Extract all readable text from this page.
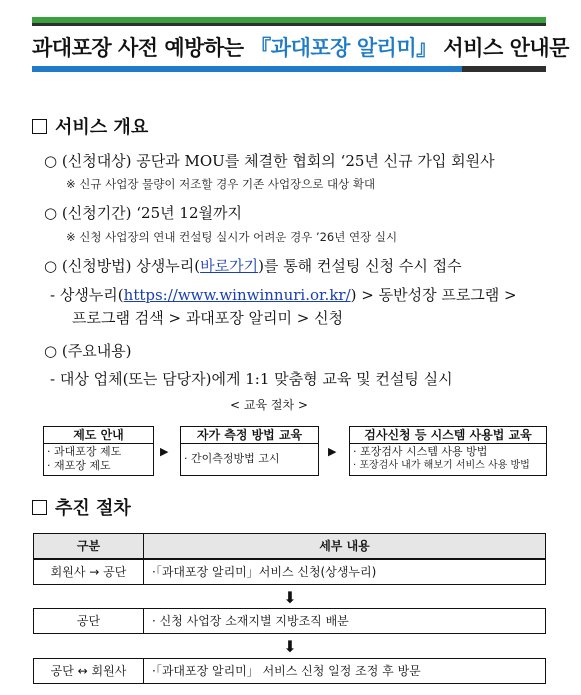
과대포장 사전 예방하는 『과대포장 알리미』 서비스 안내문
서비스 개요
○ (신청대상) 공단과 MOU를 체결한 협회의 ‘25년 신규 가입 회원사
※ 신규 사업장 물량이 저조할 경우 기존 사업장으로 대상 확대
○ (신청기간) ‘25년 12월까지
※ 신청 사업장의 연내 컨설팅 실시가 어려운 경우 ’26년 연장 실시
○ (신청방법) 상생누리(바로가기)를 통해 컨설팅 신청 수시 접수
- 상생누리(https://www.winwinnuri.or.kr/) > 동반성장 프로그램 >
프로그램 검색 > 과대포장 알리미 > 신청
○ (주요내용)
- 대상 업체(또는 담당자)에게 1:1 맞춤형 교육 및 컨설팅 실시
< 교육 절차 >
제도 안내
· 과대포장 제도
· 재포장 제도
▶
자가 측정 방법 교육
· 간이측정방법 고시
▶
검사신청 등 시스템 사용법 교육
· 포장검사 시스템 사용 방법
· 포장검사 내가 해보기 서비스 사용 방법
추진 절차
구분	세부 내용
회원사 → 공단	·「과대포장 알리미」서비스 신청(상생누리)
⬇
공단	· 신청 사업장 소재지별 지방조직 배분
⬇
공단 ↔ 회원사	·「과대포장 알리미」 서비스 신청 일정 조정 후 방문
